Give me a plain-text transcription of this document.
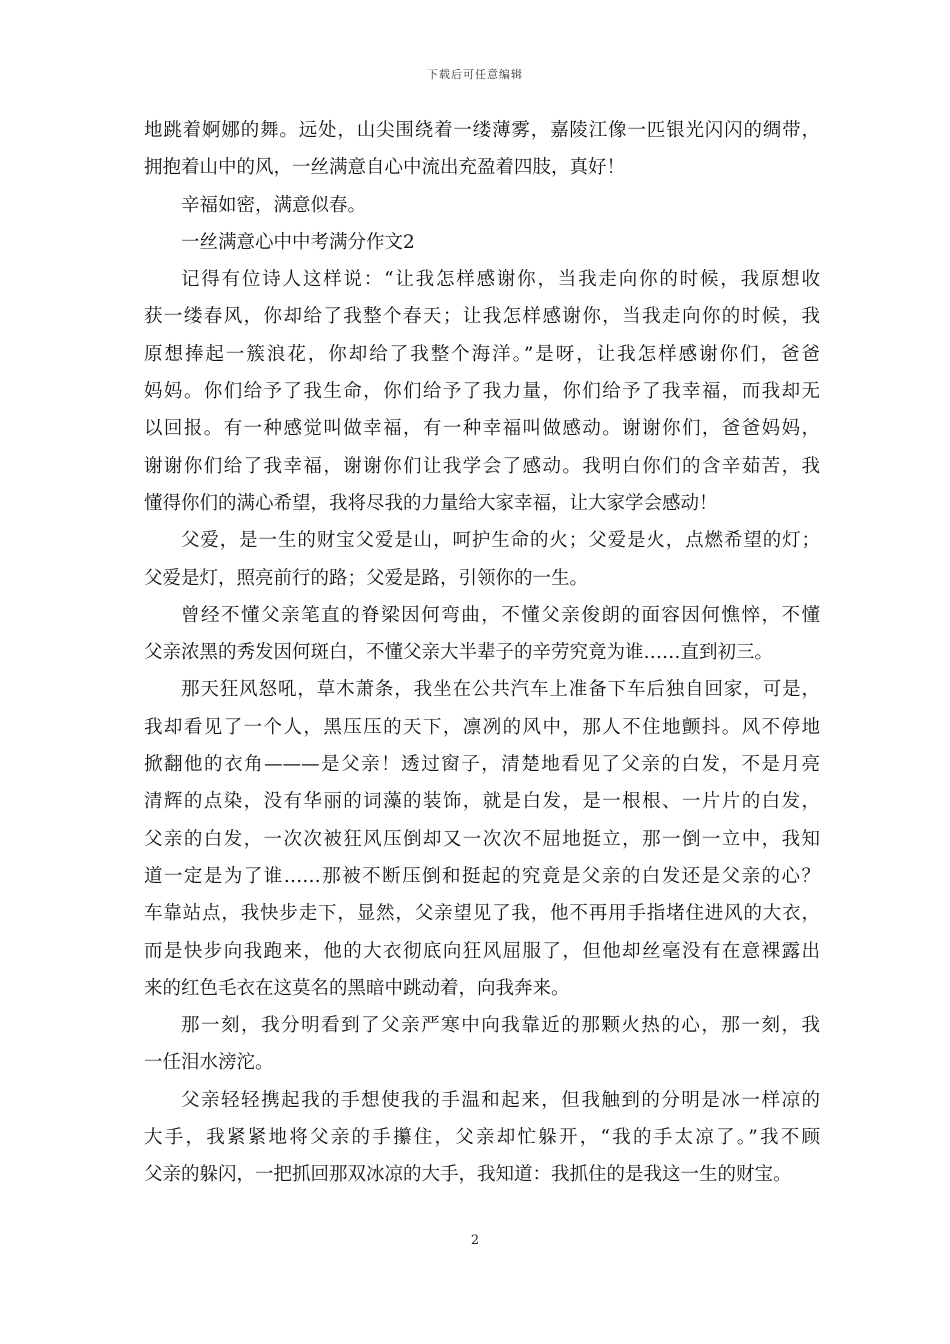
下载后可任意编辑
地跳着婀娜的舞。远处，山尖围绕着一缕薄雾，嘉陵江像一匹银光闪闪的绸带，
拥抱着山中的风，一丝满意自心中流出充盈着四肢，真好！
辛福如密，满意似春。
一丝满意心中中考满分作文2
记得有位诗人这样说：“让我怎样感谢你，当我走向你的时候，我原想收
获一缕春风，你却给了我整个春天；让我怎样感谢你，当我走向你的时候，我
原想捧起一簇浪花，你却给了我整个海洋。”是呀，让我怎样感谢你们，爸爸
妈妈。你们给予了我生命，你们给予了我力量，你们给予了我幸福，而我却无
以回报。有一种感觉叫做幸福，有一种幸福叫做感动。谢谢你们，爸爸妈妈，
谢谢你们给了我幸福，谢谢你们让我学会了感动。我明白你们的含辛茹苦，我
懂得你们的满心希望，我将尽我的力量给大家幸福，让大家学会感动！
父爱，是一生的财宝父爱是山，呵护生命的火；父爱是火，点燃希望的灯；
父爱是灯，照亮前行的路；父爱是路，引领你的一生。
曾经不懂父亲笔直的脊梁因何弯曲，不懂父亲俊朗的面容因何憔悴，不懂
父亲浓黑的秀发因何斑白，不懂父亲大半辈子的辛劳究竟为谁……直到初三。
那天狂风怒吼，草木萧条，我坐在公共汽车上准备下车后独自回家，可是，
我却看见了一个人，黑压压的天下，凛冽的风中，那人不住地颤抖。风不停地
掀翻他的衣角———是父亲！透过窗子，清楚地看见了父亲的白发，不是月亮
清辉的点染，没有华丽的词藻的装饰，就是白发，是一根根、一片片的白发，
父亲的白发，一次次被狂风压倒却又一次次不屈地挺立，那一倒一立中，我知
道一定是为了谁……那被不断压倒和挺起的究竟是父亲的白发还是父亲的心？
车靠站点，我快步走下，显然，父亲望见了我，他不再用手指堵住进风的大衣，
而是快步向我跑来，他的大衣彻底向狂风屈服了，但他却丝毫没有在意裸露出
来的红色毛衣在这莫名的黑暗中跳动着，向我奔来。
那一刻，我分明看到了父亲严寒中向我靠近的那颗火热的心，那一刻，我
一任泪水滂沱。
父亲轻轻携起我的手想使我的手温和起来，但我触到的分明是冰一样凉的
大手，我紧紧地将父亲的手攥住，父亲却忙躲开，“我的手太凉了。”我不顾
父亲的躲闪，一把抓回那双冰凉的大手，我知道：我抓住的是我这一生的财宝。
2
